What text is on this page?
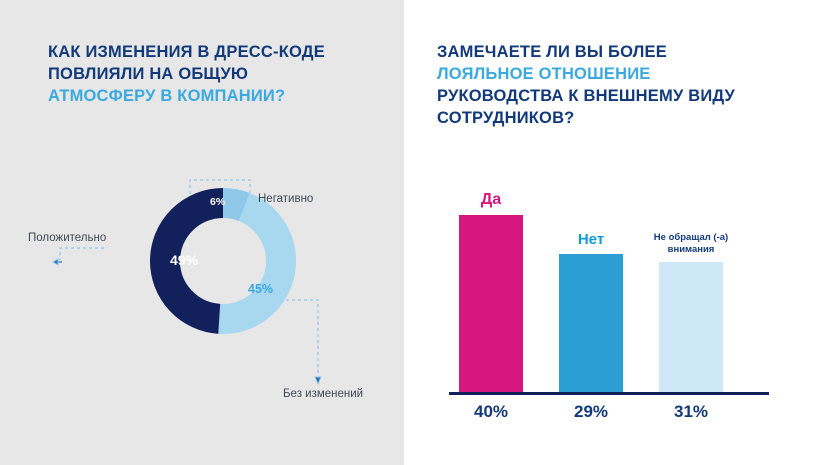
КАК ИЗМЕНЕНИЯ В ДРЕСС-КОДЕ
ПОВЛИЯЛИ НА ОБЩУЮ
АТМОСФЕРУ В КОМПАНИИ?
49%
45%
6%	Негативно
Положительно
Без изменений
ЗАМЕЧАЕТЕ ЛИ ВЫ БОЛЕЕ
ЛОЯЛЬНОЕ ОТНОШЕНИЕ
РУКОВОДСТВА К ВНЕШНЕМУ ВИДУ
СОТРУДНИКОВ?
Да
Нет	Не обращал (-а)
внимания
40%	29%	31%
